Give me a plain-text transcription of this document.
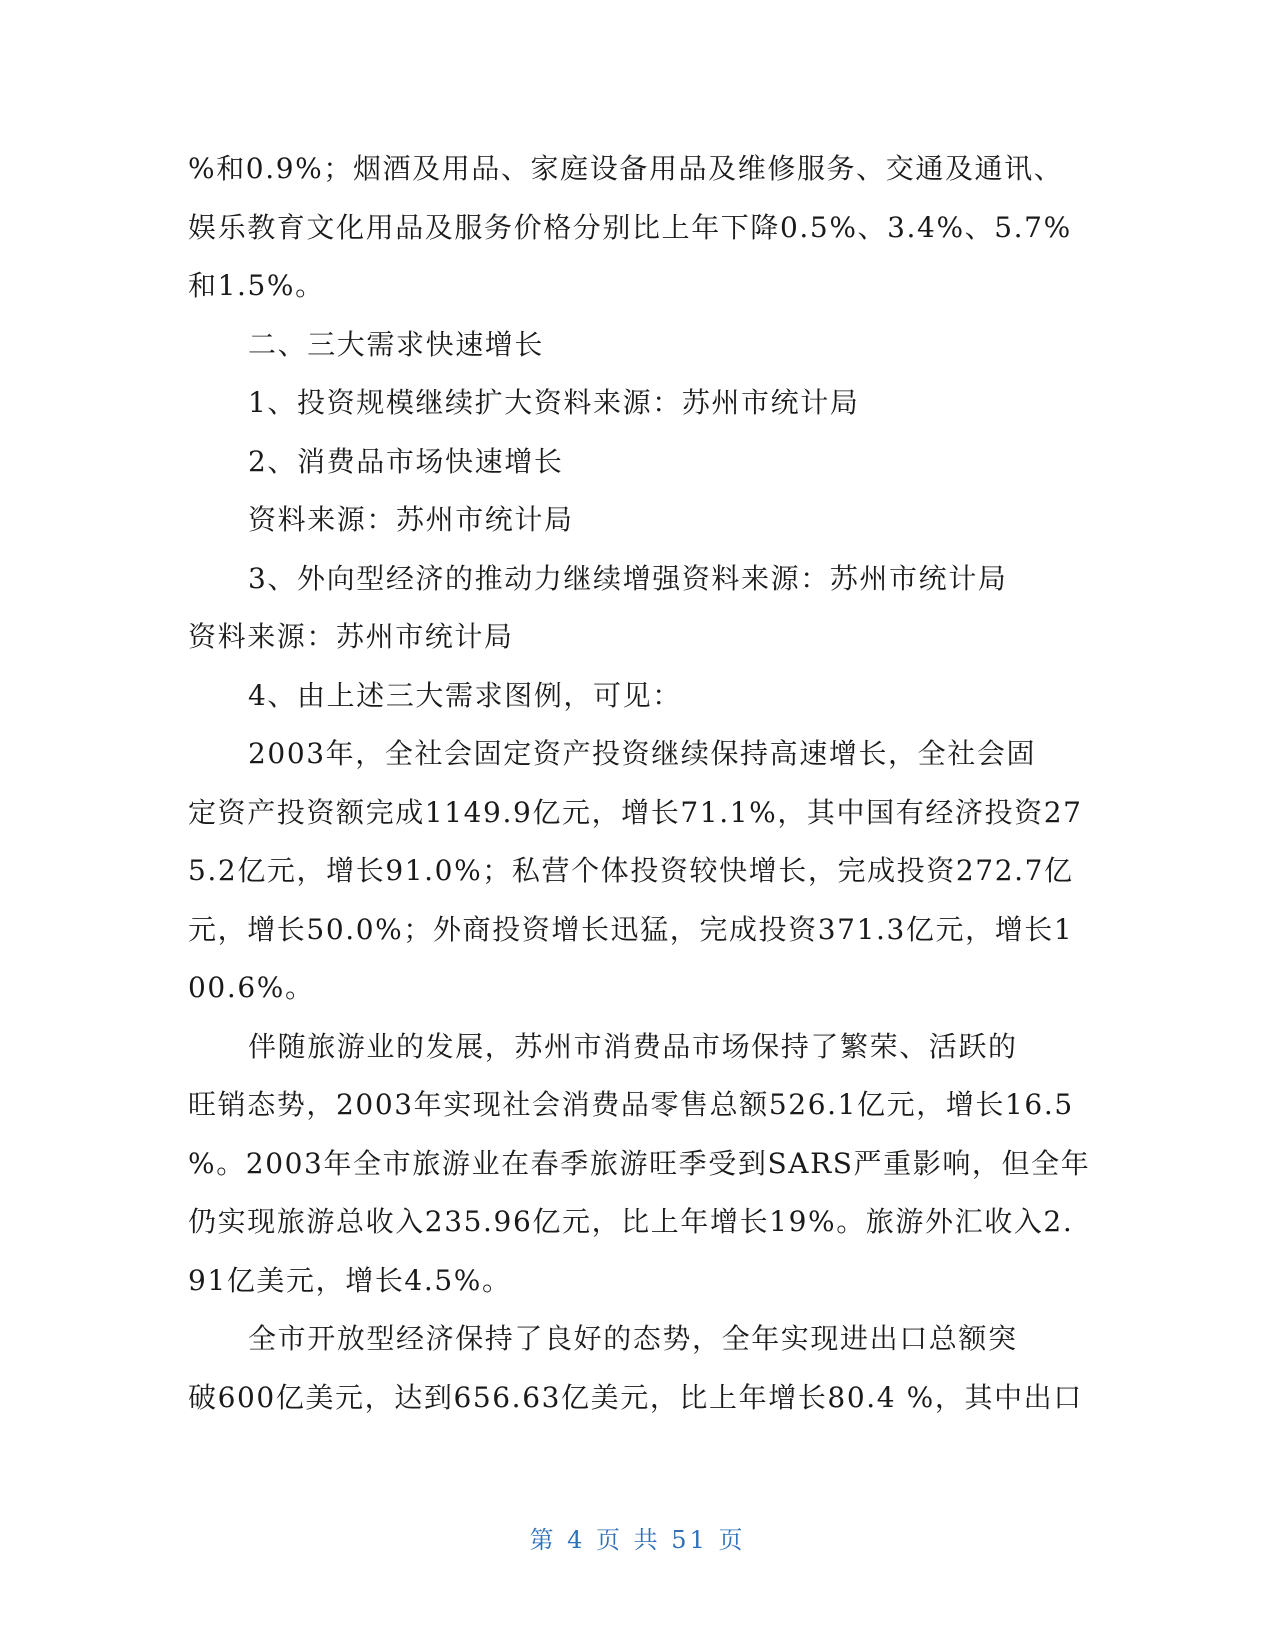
%和0.9%；烟酒及用品、家庭设备用品及维修服务、交通及通讯、
娱乐教育文化用品及服务价格分别比上年下降0.5%、3.4%、5.7%
和1.5%。
二、三大需求快速增长
1、投资规模继续扩大资料来源：苏州市统计局
2、消费品市场快速增长
资料来源：苏州市统计局
3、外向型经济的推动力继续增强资料来源：苏州市统计局
资料来源：苏州市统计局
4、由上述三大需求图例，可见：
2003年，全社会固定资产投资继续保持高速增长，全社会固
定资产投资额完成1149.9亿元，增长71.1%，其中国有经济投资27
5.2亿元，增长91.0%；私营个体投资较快增长，完成投资272.7亿
元，增长50.0%；外商投资增长迅猛，完成投资371.3亿元，增长1
00.6%。
伴随旅游业的发展，苏州市消费品市场保持了繁荣、活跃的
旺销态势，2003年实现社会消费品零售总额526.1亿元，增长16.5
%。2003年全市旅游业在春季旅游旺季受到SARS严重影响，但全年
仍实现旅游总收入235.96亿元，比上年增长19%。旅游外汇收入2.
91亿美元，增长4.5%。
全市开放型经济保持了良好的态势，全年实现进出口总额突
破600亿美元，达到656.63亿美元，比上年增长80.4 %，其中出口
第 4 页 共 51 页
